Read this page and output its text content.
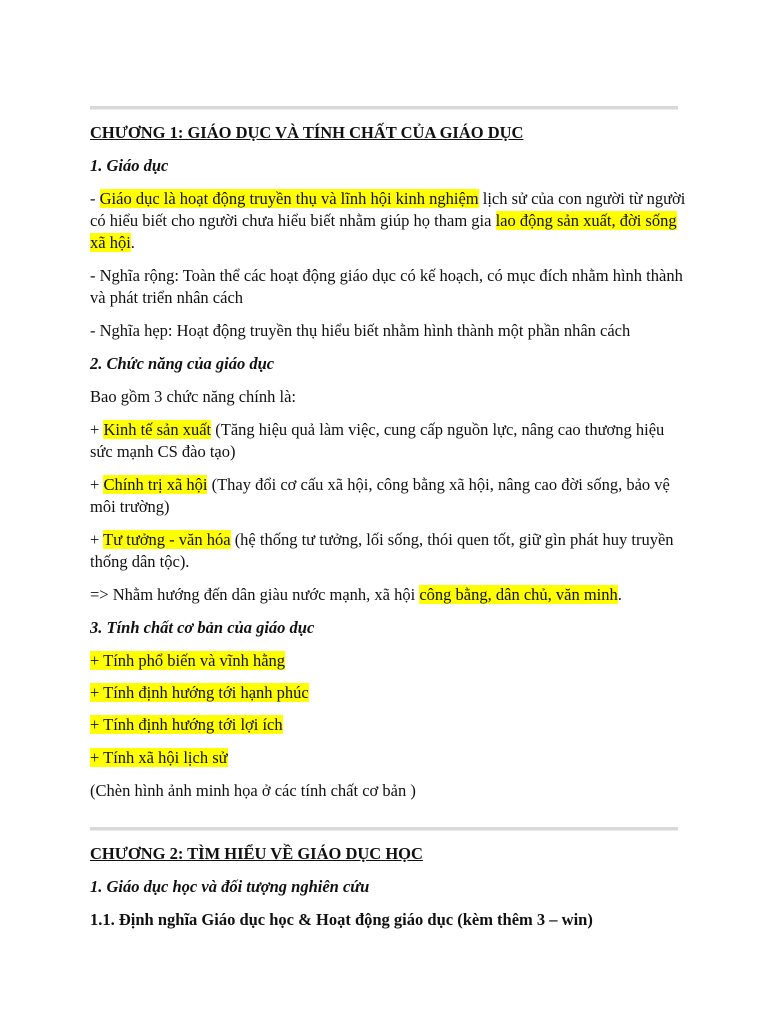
CHƯƠNG 1: GIÁO DỤC VÀ TÍNH CHẤT CỦA GIÁO DỤC

1. Giáo dục

- Giáo dục là hoạt động truyền thụ và lĩnh hội kinh nghiệm lịch sử của con người từ người có hiểu biết cho người chưa hiểu biết nhằm giúp họ tham gia lao động sản xuất, đời sống xã hội.

- Nghĩa rộng: Toàn thể các hoạt động giáo dục có kế hoạch, có mục đích nhằm hình thành và phát triển nhân cách

- Nghĩa hẹp: Hoạt động truyền thụ hiểu biết nhằm hình thành một phần nhân cách

2. Chức năng của giáo dục

Bao gồm 3 chức năng chính là:

+ Kinh tế sản xuất (Tăng hiệu quả làm việc, cung cấp nguồn lực, nâng cao thương hiệu sức mạnh CS đào tạo)

+ Chính trị xã hội (Thay đổi cơ cấu xã hội, công bằng xã hội, nâng cao đời sống, bảo vệ môi trường)

+ Tư tưởng - văn hóa (hệ thống tư tưởng, lối sống, thói quen tốt, giữ gìn phát huy truyền thống dân tộc).

=> Nhằm hướng đến dân giàu nước mạnh, xã hội công bằng, dân chủ, văn minh.

3. Tính chất cơ bản của giáo dục

+ Tính phổ biến và vĩnh hằng

+ Tính định hướng tới hạnh phúc

+ Tính định hướng tới lợi ích

+ Tính xã hội lịch sử

(Chèn hình ảnh minh họa ở các tính chất cơ bản )

CHƯƠNG 2: TÌM HIỂU VỀ GIÁO DỤC HỌC

1. Giáo dục học và đối tượng nghiên cứu

1.1. Định nghĩa Giáo dục học & Hoạt động giáo dục (kèm thêm 3 – win)
